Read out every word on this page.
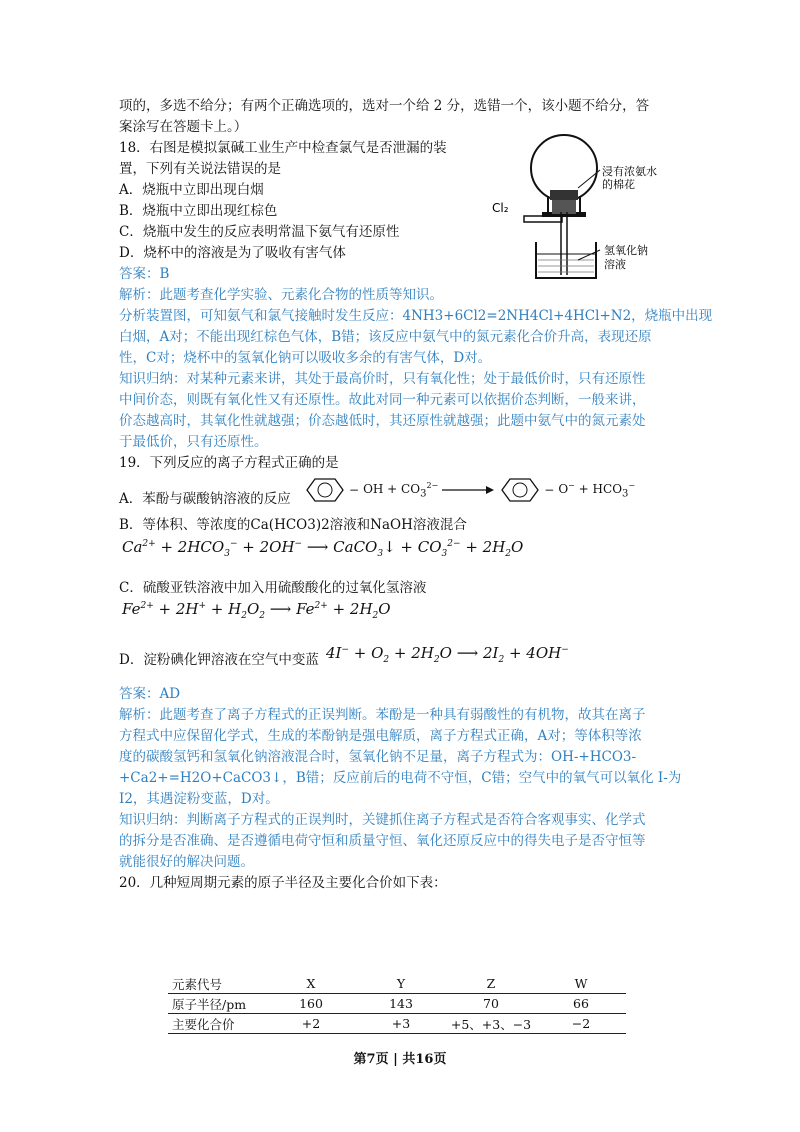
项的，多选不给分；有两个正确选项的，选对一个给 2 分，选错一个，该小题不给分，答
案涂写在答题卡上。）
18．右图是模拟氯碱工业生产中检查氯气是否泄漏的装
置，下列有关说法错误的是
A．烧瓶中立即出现白烟
B．烧瓶中立即出现红棕色
C．烧瓶中发生的反应表明常温下氨气有还原性
D．烧杯中的溶液是为了吸收有害气体
答案：B
解析：此题考查化学实验、元素化合物的性质等知识。
分析装置图，可知氨气和氯气接触时发生反应：4NH3+6Cl2=2NH4Cl+4HCl+N2，烧瓶中出现
白烟，A对；不能出现红棕色气体，B错；该反应中氨气中的氮元素化合价升高，表现还原
性，C对；烧杯中的氢氧化钠可以吸收多余的有害气体，D对。
知识归纳：对某种元素来讲，其处于最高价时，只有氧化性；处于最低价时，只有还原性
中间价态，则既有氧化性又有还原性。故此对同一种元素可以依据价态判断，一般来讲，
价态越高时，其氧化性就越强；价态越低时，其还原性就越强；此题中氨气中的氮元素处
于最低价，只有还原性。
浸有浓氨水
的棉花
Cl₂
氢氧化钠
溶液
19．下列反应的离子方程式正确的是
A．苯酚与碳酸钠溶液的反应
− OH + $CO_3^{2-}$	− $O^- + HCO_3^-$
B．等体积、等浓度的Ca(HCO3)2溶液和NaOH溶液混合
$Ca^{2+} + 2HCO_3^- + 2OH^-$ ⟶ CaCO$_3$↓ + $CO_3^{2-} + 2H_2O$
C．硫酸亚铁溶液中加入用硫酸酸化的过氧化氢溶液
$Fe^{2+} + 2H^+ + H_2O_2$ ⟶ $Fe^{2+} + 2H_2O$
D．淀粉碘化钾溶液在空气中变蓝 $4I^- + O_2 + 2H_2O$ ⟶ $2I_2 + 4OH^-$
答案：AD
解析：此题考查了离子方程式的正误判断。苯酚是一种具有弱酸性的有机物，故其在离子
方程式中应保留化学式，生成的苯酚钠是强电解质，离子方程式正确，A对；等体积等浓
度的碳酸氢钙和氢氧化钠溶液混合时，氢氧化钠不足量，离子方程式为：OH-+HCO3-
+Ca2+=H2O+CaCO3↓，B错；反应前后的电荷不守恒，C错；空气中的氧气可以氧化 I-为
I2，其遇淀粉变蓝，D对。
知识归纳：判断离子方程式的正误判时，关键抓住离子方程式是否符合客观事实、化学式
的拆分是否准确、是否遵循电荷守恒和质量守恒、氧化还原反应中的得失电子是否守恒等
就能很好的解决问题。
20．几种短周期元素的原子半径及主要化合价如下表：
元素代号	X	Y	Z	W
原子半径/pm	160	143	70	66
主要化合价	+2	+3	+5、+3、−3	−2
第7页 | 共16页
